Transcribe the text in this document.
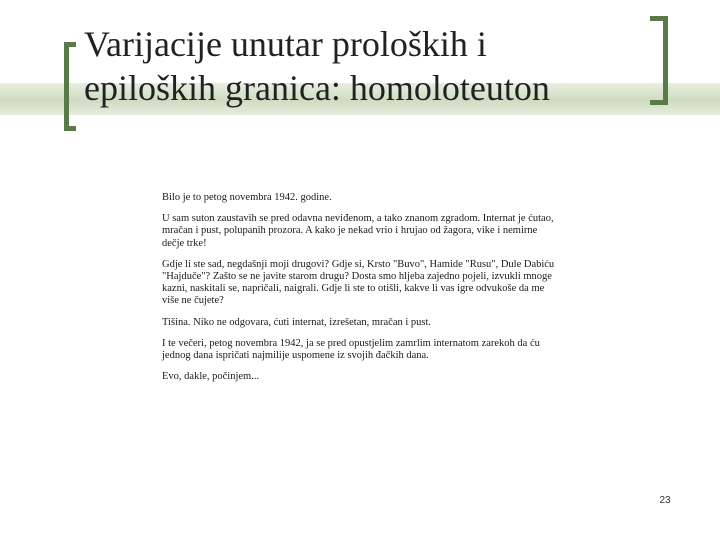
Varijacije unutar proloških i
epiloških granica: homoloteuton

Bilo je to petog novembra 1942. godine.

U sam suton zaustavih se pred odavna neviđenom, a tako znanom zgradom. Internat je ćutao, mračan i pust, polupanih prozora. A kako je nekad vrio i hrujao od žagora, vike i nemirne dečje trke!

Gdje li ste sad, negdašnji moji drugovi? Gdje si, Krsto "Buvo", Hamide "Rusu", Dule Dabiću "Hajduče"? Zašto se ne javite starom drugu? Dosta smo hljeba zajedno pojeli, izvukli mnoge kazni, naskitali se, napričali, naigrali. Gdje li ste to otišli, kakve li vas igre odvukoše da me više ne čujete?

Tišina. Niko ne odgovara, ćuti internat, izrešetan, mračan i pust.

I te večeri, petog novembra 1942, ja se pred opustjelim zamrlim internatom zarekoh da ću jednog dana ispričati najmilije uspomene iz svojih đačkih dana.

Evo, dakle, počinjem...

23
